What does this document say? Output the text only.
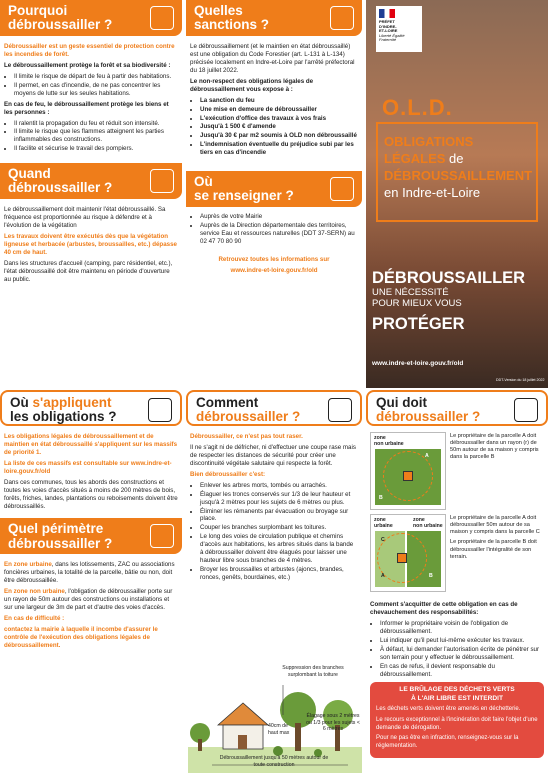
Pourquoi
débroussailler ?

Débroussailler est un geste essentiel de protection contre les incendies de forêt.

Le débroussaillement protège la forêt et sa biodiversité :

• Il limite le risque de départ de feu à partir des habitations.
• Il permet, en cas d'incendie, de ne pas concentrer les moyens de lutte sur les seules habitations.

En cas de feu, le débroussaillement protège les biens et les personnes :

• Il ralentit la propagation du feu et réduit son intensité.
• Il limite le risque que les flammes atteignent les parties inflammables des constructions.
• Il facilite et sécurise le travail des pompiers.
Quand
débroussailler ?

Le débroussaillement doit maintenir l'état débroussaillé. Sa fréquence est proportionnée au risque à défendre et à l'évolution de la végétation

Les travaux doivent être exécutés dès que la végétation ligneuse et herbacée (arbustes, broussailles, etc.) dépasse 40 cm de haut.

Dans les structures d'accueil (camping, parc résidentiel, etc.), l'état débroussaillé doit être maintenu en période d'ouverture au public.

Quelles
sanctions ?

Le débroussaillement (et le maintien en état débroussaillé) est une obligation du Code Forestier (art. L-131 à L-134) précisée localement en Indre-et-Loire par l'arrêté préfectoral du 18 juillet 2022.

Le non-respect des obligations légales de débroussaillement vous expose à :

• La sanction du feu
• Une mise en demeure de débroussailler
• L'exécution d'office des travaux à vos frais
• Jusqu'à 1 500 € d'amende
• Jusqu'à 30 € par m2 soumis à OLD non débroussaillé
• L'indemnisation éventuelle du préjudice subi par les tiers en cas d'incendie
Où
se renseigner ?
• Auprès de votre Mairie
• Auprès de la Direction départementale des territoires, service Eau et ressources naturelles (DDT 37-SERN) au 02 47 70 80 90

Retrouvez toutes les informations sur

www.indre-et-loire.gouv.fr/old

PRÉFET
D'INDRE-
ET-LOIRE
Liberté Égalité Fraternité
O.L.D.
OBLIGATIONS
LÉGALES de
DÉBROUSSAILLEMENT
en Indre-et-Loire
DÉBROUSSAILLER
UNE NÉCESSITÉ
POUR MIEUX VOUS
PROTÉGER
www.indre-et-loire.gouv.fr/old
DDT-Version du 18 juillet 2022
Où s'appliquent
les obligations ?

Les obligations légales de débroussaillement et de maintien en état débroussaillé s'appliquent sur les massifs de priorité 1.

La liste de ces massifs est consultable sur www.indre-et-loire.gouv.fr/old

Dans ces communes, tous les abords des constructions et toutes les voies d'accès situés à moins de 200 mètres de bois, forêts, friches, landes, plantations ou reboisements doivent être débroussaillés.

Quel périmètre
débroussailler ?

En zone urbaine, dans les lotissements, ZAC ou associations foncières urbaines, la totalité de la parcelle, bâtie ou non, doit être débroussaillée.

En zone non urbaine, l'obligation de débroussailler porte sur un rayon de 50m autour des constructions ou installations et sur une largeur de 3m de part et d'autre des voies d'accès.

En cas de difficulté :

contactez la mairie à laquelle il incombe d'assurer le contrôle de l'exécution des obligations légales de débroussaillement.

Comment
débroussailler ?

Débroussailler, ce n'est pas tout raser.

Il ne s'agit ni de défricher, ni d'effectuer une coupe rase mais de respecter les distances de sécurité pour créer une discontinuité végétale salutaire qui respecte la forêt.

Bien débroussailler c'est:

• Enlever les arbres morts, tombés ou arrachés.
• Élaguer les troncs conservés sur 1/3 de leur hauteur et jusqu'à 2 mètres pour les sujets de 6 mètres ou plus.
• Éliminer les rémanents par évacuation ou broyage sur place.
• Couper les branches surplombant les toitures.
• Le long des voies de circulation publique et chemins d'accès aux habitations, les arbres situés dans la bande à débroussailler doivent être élagués pour laisser une hauteur libre sous branches de 4 mètres.
• Broyer les broussailles et arbustes (ajoncs, brandes, ronces, genêts, bourdaines, etc.)
Suppression des branches surplombant la toiture
Élagage sous 2 mètres ou 1/3 pour les sujets < 6 mètres
40cm de haut max
Débroussaillement jusqu'à 50 mètres autour de toute construction
Qui doit
débroussailler ?
zone
non urbaine
A
B

Le propriétaire de la parcelle A doit débroussailler dans un rayon (r) de 50m autour de sa maison y compris dans la parcelle B

zone
urbaine
zone
non urbaine
C
A	B

Le propriétaire de la parcelle A doit débroussailler 50m autour de sa maison y compris dans la parcelle C

Le propriétaire de la parcelle B doit débroussailler l'intégralité de son terrain.

Comment s'acquitter de cette obligation en cas de chevauchement des responsabilités:

• Informer le propriétaire voisin de l'obligation de débroussaillement.
• Lui indiquer qu'il peut lui-même exécuter les travaux.
• À défaut, lui demander l'autorisation écrite de pénétrer sur son terrain pour y effectuer le débroussaillement.
• En cas de refus, il devient responsable du débroussaillement.
LE BRÛLAGE DES DÉCHETS VERTS
À L'AIR LIBRE EST INTERDIT

Les déchets verts doivent être amenés en déchetterie.

Le recours exceptionnel à l'incinération doit faire l'objet d'une demande de dérogation.

Pour ne pas être en infraction, renseignez-vous sur la réglementation.
